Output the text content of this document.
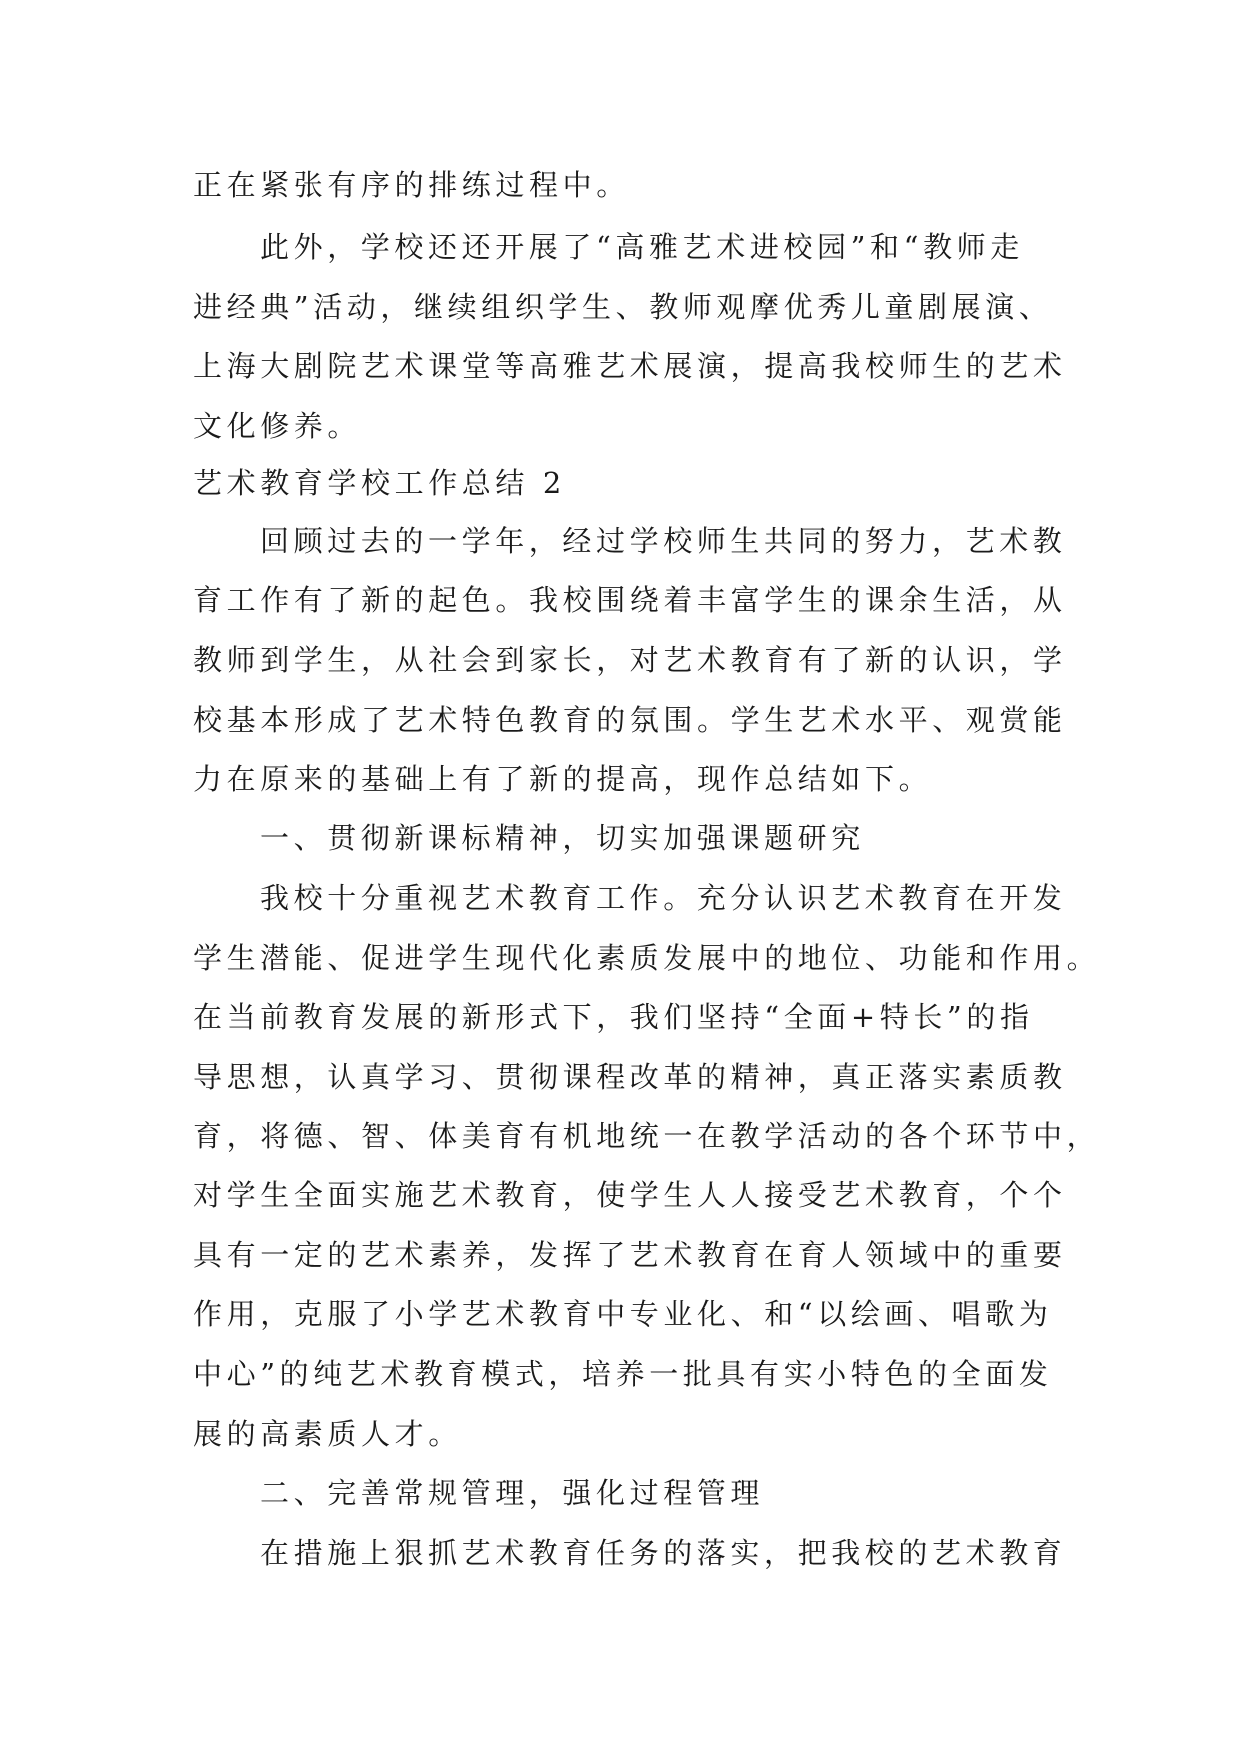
正在紧张有序的排练过程中。
此外，学校还还开展了“高雅艺术进校园”和“教师走
进经典”活动，继续组织学生、教师观摩优秀儿童剧展演、
上海大剧院艺术课堂等高雅艺术展演，提高我校师生的艺术
文化修养。
艺术教育学校工作总结 2
回顾过去的一学年，经过学校师生共同的努力，艺术教
育工作有了新的起色。我校围绕着丰富学生的课余生活，从
教师到学生，从社会到家长，对艺术教育有了新的认识，学
校基本形成了艺术特色教育的氛围。学生艺术水平、观赏能
力在原来的基础上有了新的提高，现作总结如下。
一、贯彻新课标精神，切实加强课题研究
我校十分重视艺术教育工作。充分认识艺术教育在开发
学生潜能、促进学生现代化素质发展中的地位、功能和作用。
在当前教育发展的新形式下，我们坚持“全面+特长”的指
导思想，认真学习、贯彻课程改革的精神，真正落实素质教
育，将德、智、体美育有机地统一在教学活动的各个环节中，
对学生全面实施艺术教育，使学生人人接受艺术教育，个个
具有一定的艺术素养，发挥了艺术教育在育人领域中的重要
作用，克服了小学艺术教育中专业化、和“以绘画、唱歌为
中心”的纯艺术教育模式，培养一批具有实小特色的全面发
展的高素质人才。
二、完善常规管理，强化过程管理
在措施上狠抓艺术教育任务的落实，把我校的艺术教育
